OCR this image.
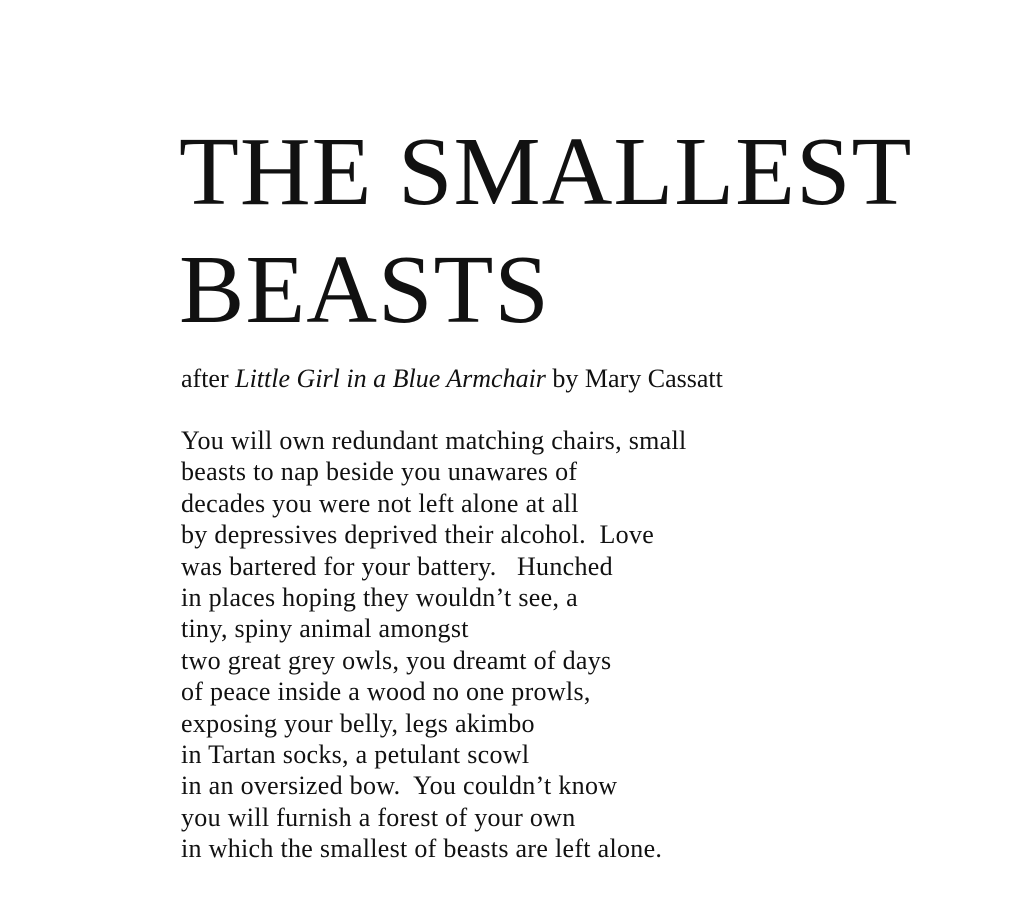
THE SMALLEST
BEASTS
after Little Girl in a Blue Armchair by Mary Cassatt
You will own redundant matching chairs, small
beasts to nap beside you unawares of
decades you were not left alone at all
by depressives deprived their alcohol.  Love
was bartered for your battery.   Hunched
in places hoping they wouldn’t see, a
tiny, spiny animal amongst
two great grey owls, you dreamt of days
of peace inside a wood no one prowls,
exposing your belly, legs akimbo
in Tartan socks, a petulant scowl
in an oversized bow.  You couldn’t know
you will furnish a forest of your own
in which the smallest of beasts are left alone.
